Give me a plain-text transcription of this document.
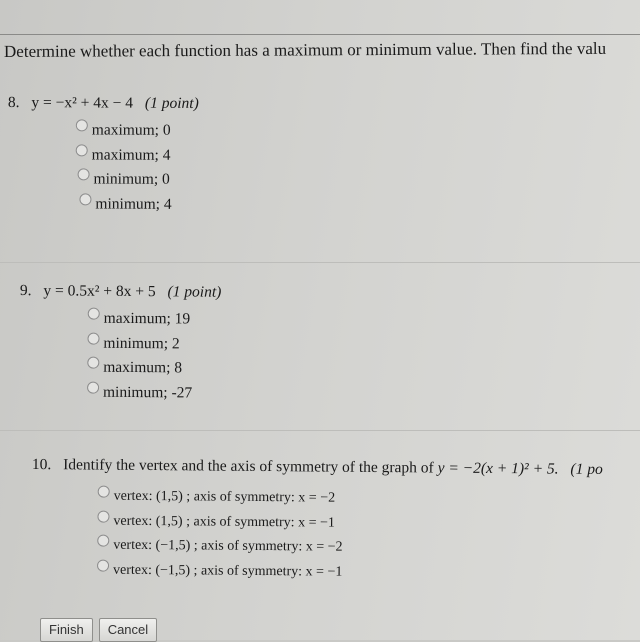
Determine whether each function has a maximum or minimum value. Then find the valu
8. y = −x² + 4x − 4 (1 point)
maximum; 0
maximum; 4
minimum; 0
minimum; 4
9. y = 0.5x² + 8x + 5 (1 point)
maximum; 19
minimum; 2
maximum; 8
minimum; -27
10. Identify the vertex and the axis of symmetry of the graph of y = −2(x + 1)² + 5. (1 po
vertex: (1,5) ; axis of symmetry: x = −2
vertex: (1,5) ; axis of symmetry: x = −1
vertex: (−1,5) ; axis of symmetry: x = −2
vertex: (−1,5) ; axis of symmetry: x = −1
Finish	Cancel
